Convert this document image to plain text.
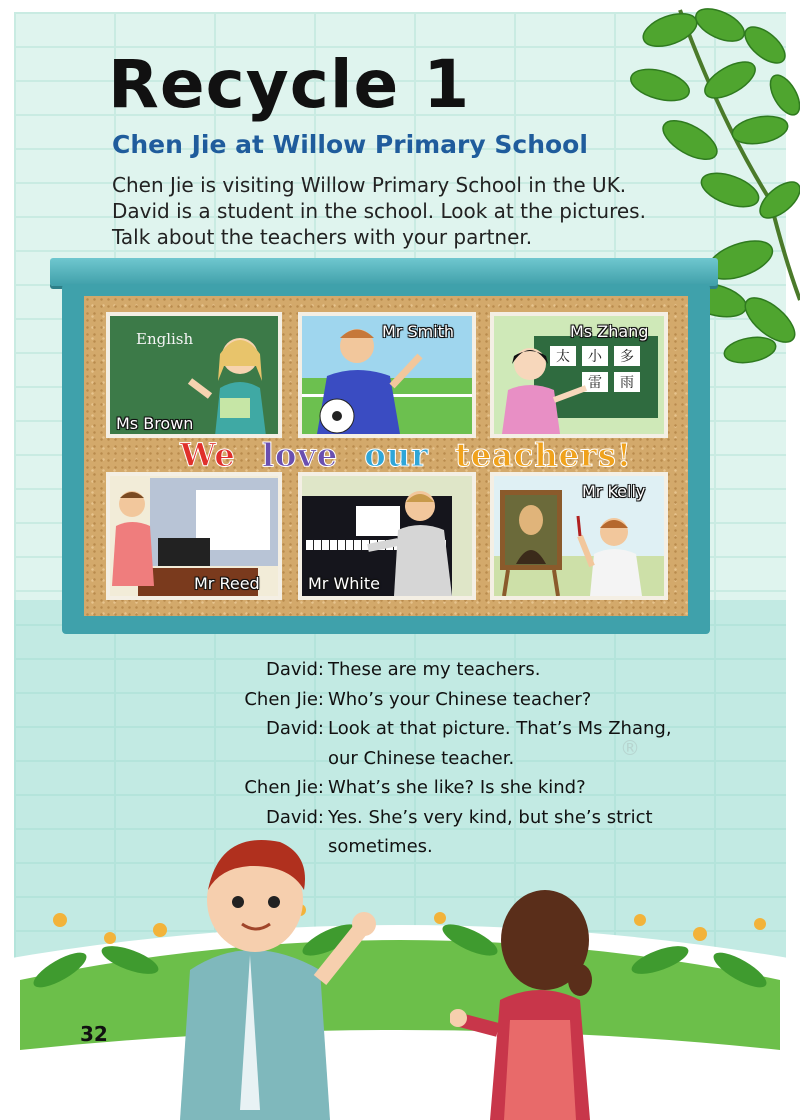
Recycle 1
Chen Jie at Willow Primary School

Chen Jie is visiting Willow Primary School in the UK.
David is a student in the school. Look at the pictures.
Talk about the teachers with your partner.

English
Ms Brown
Mr Smith
太	小	多
雷	雨
Ms Zhang
Mr Reed	Mr White
Mr Kelly
We love our teachers!
®
David: These are my teachers.
Chen Jie: Who’s your Chinese teacher?
David: Look at that picture. That’s Ms Zhang,
our Chinese teacher.
Chen Jie: What’s she like? Is she kind?
David: Yes. She’s very kind, but she’s strict
sometimes.
32
